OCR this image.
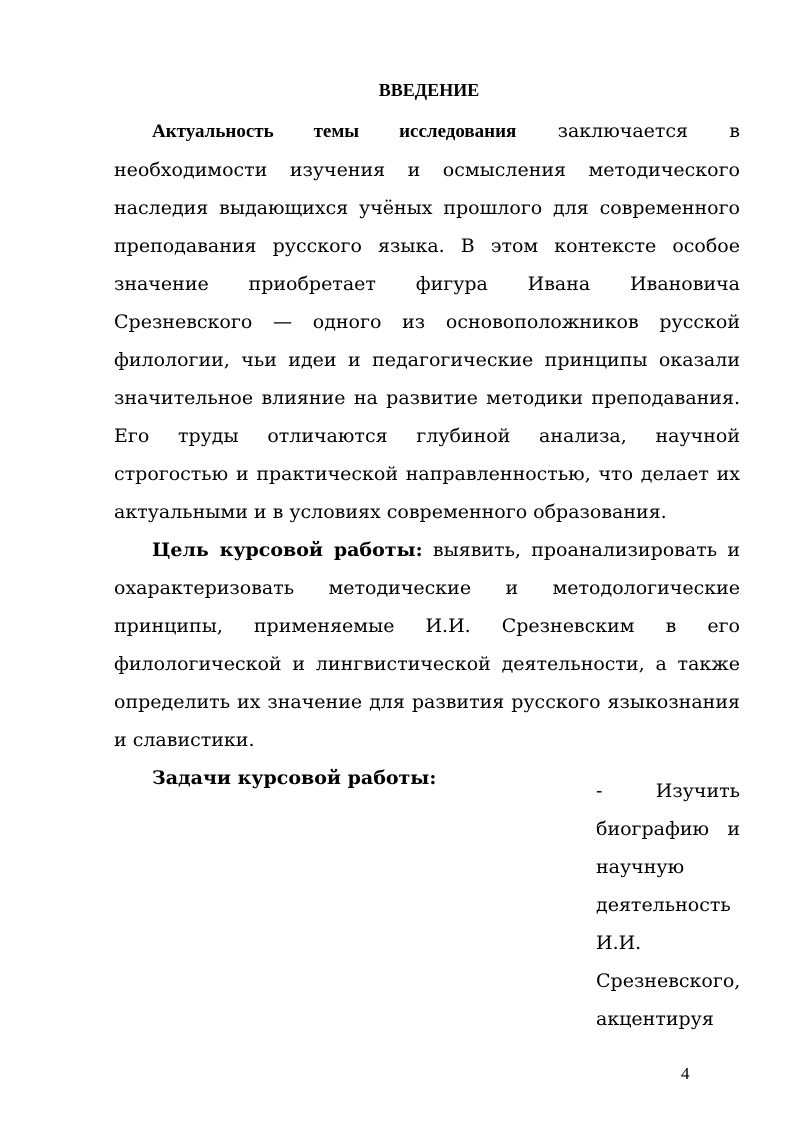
ВВЕДЕНИЕ

Актуальность темы исследования заключается в необходимости изучения и осмысления методического наследия выдающихся учёных прошлого для современного преподавания русского языка. В этом контексте особое значение приобретает фигура Ивана Ивановича Срезневского — одного из основоположников русской филологии, чьи идеи и педагогические принципы оказали значительное влияние на развитие методики преподавания. Его труды отличаются глубиной анализа, научной строгостью и практической направленностью, что делает их актуальными и в условиях современного образования.

Цель курсовой работы: выявить, проанализировать и охарактеризовать методические и методологические принципы, применяемые И.И. Срезневским в его филологической и лингвистической деятельности, а также определить их значение для развития русского языкознания и славистики.

Задачи курсовой работы:

- Изучить биографию и научную деятельность И.И. Срезневского, акцентируя
4
